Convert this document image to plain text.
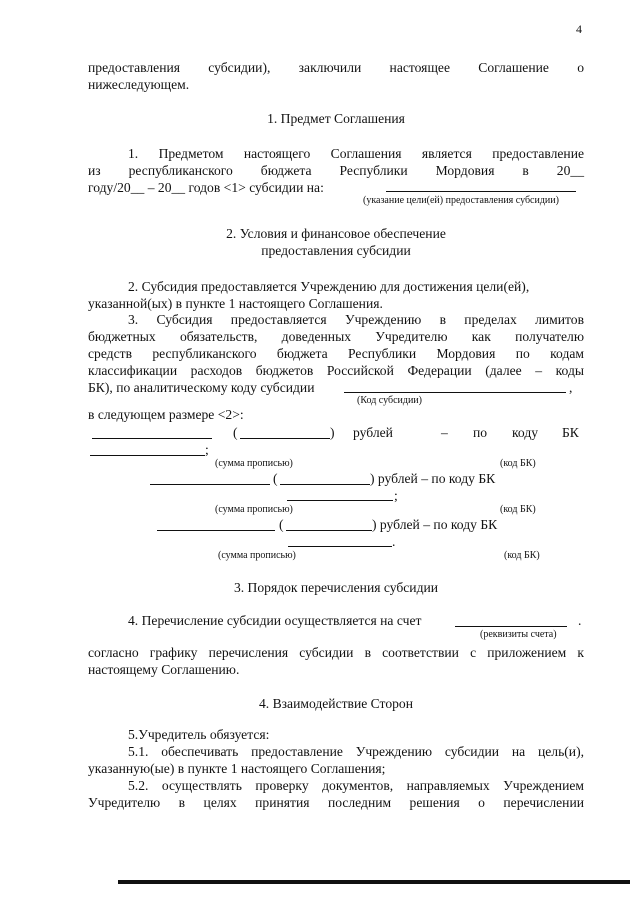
4
предоставления субсидии), заключили настоящее Соглашение о
нижеследующем.
1. Предмет Соглашения
1. Предметом настоящего Соглашения является предоставление
из республиканского бюджета Республики Мордовия в 20__
году/20__ – 20__ годов <1> субсидии на:
(указание цели(ей) предоставления субсидии)
2. Условия и финансовое обеспечение
предоставления субсидии
2. Субсидия предоставляется Учреждению для достижения цели(ей),
указанной(ых) в пункте 1 настоящего Соглашения.
3. Субсидия предоставляется Учреждению в пределах лимитов
бюджетных обязательств, доведенных Учредителю как получателю
средств республиканского бюджета Республики Мордовия по кодам
классификации расходов бюджетов Российской Федерации (далее – коды
БК), по аналитическому коду субсидии	,
(Код субсидии)
в следующем размере <2>:
(	) рублей	– по коду БК
;
(сумма прописью)	(код БК)
(	) рублей – по коду БК
;
(сумма прописью)	(код БК)
(	) рублей – по коду БК
.
(сумма прописью)	(код БК)
3. Порядок перечисления субсидии
4. Перечисление субсидии осуществляется на счет	.
(реквизиты счета)
согласно графику перечисления субсидии в соответствии с приложением к
настоящему Соглашению.
4. Взаимодействие Сторон
5.Учредитель обязуется:
5.1. обеспечивать предоставление Учреждению субсидии на цель(и),
указанную(ые) в пункте 1 настоящего Соглашения;
5.2. осуществлять проверку документов, направляемых Учреждением
Учредителю в целях принятия последним решения о перечислении
